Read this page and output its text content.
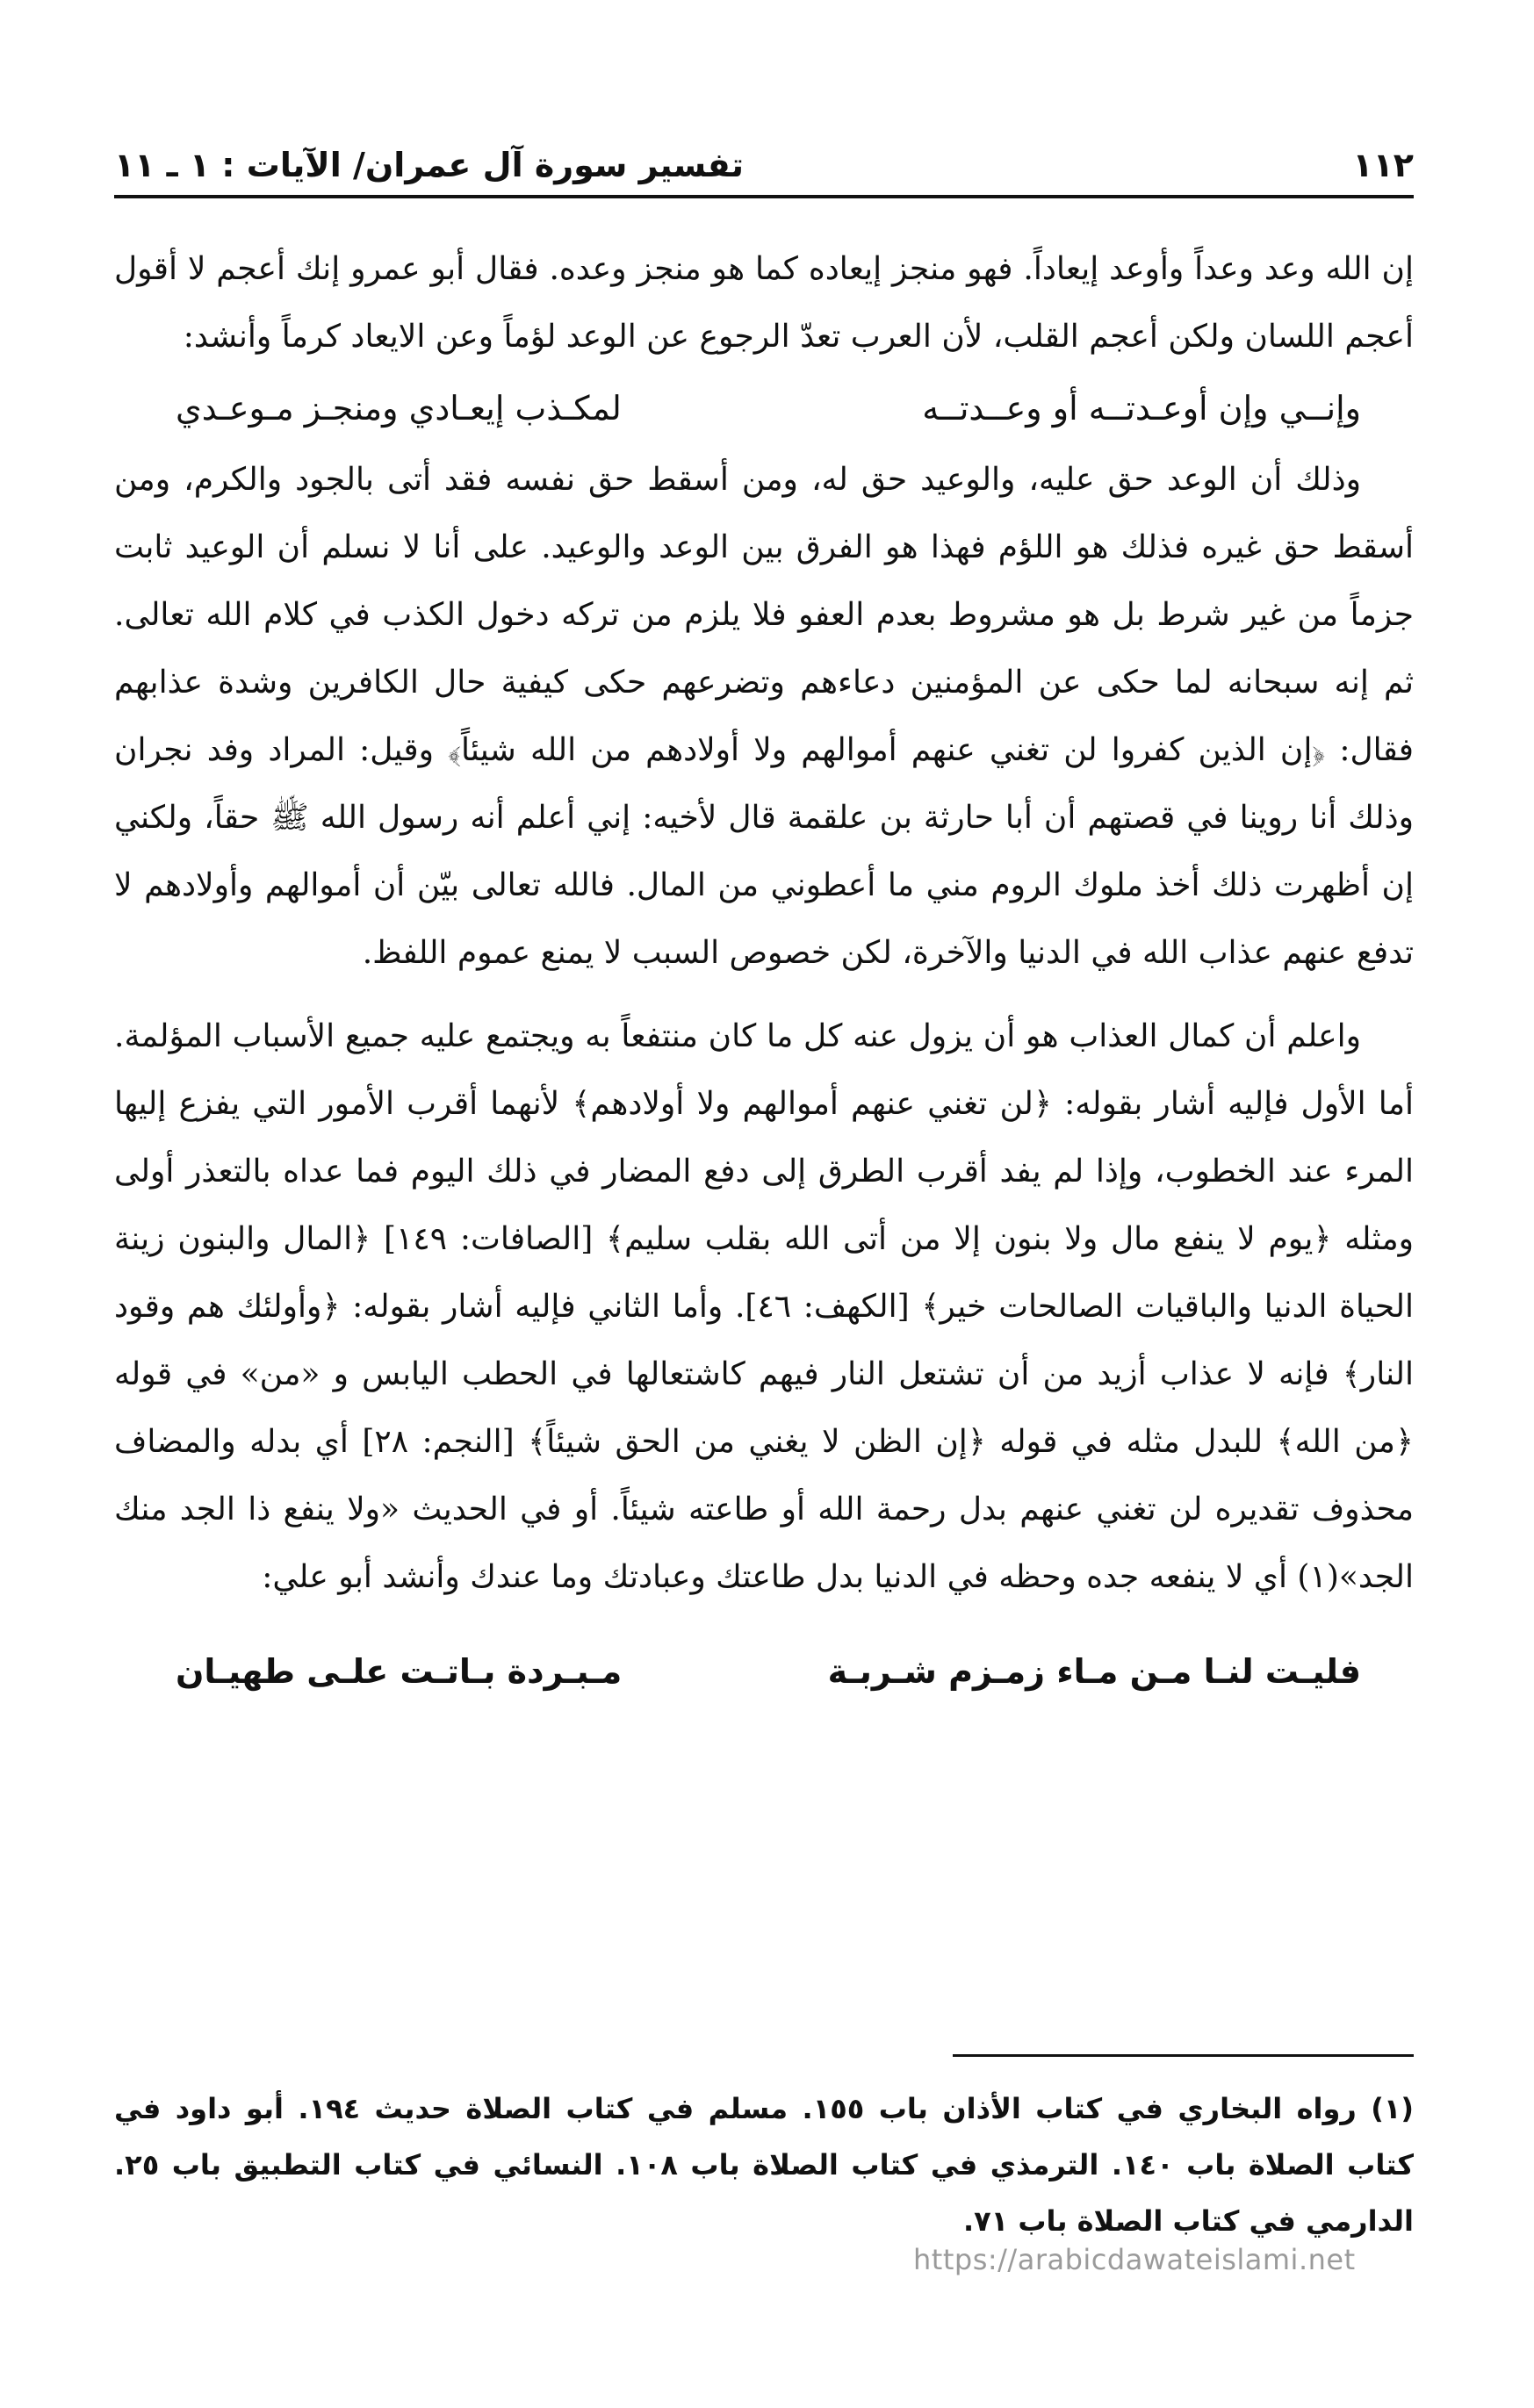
١١٢
تفسير سورة آل عمران/ الآيات : ١ ـ ١١

إن الله وعد وعداً وأوعد إيعاداً. فهو منجز إيعاده كما هو منجز وعده. فقال أبو عمرو إنك أعجم لا أقول أعجم اللسان ولكن أعجم القلب، لأن العرب تعدّ الرجوع عن الوعد لؤماً وعن الايعاد كرماً وأنشد:

وإنــي وإن أوعـدتــه أو وعــدتــه
لمكـذب إيعـادي ومنجـز مـوعـدي

وذلك أن الوعد حق عليه، والوعيد حق له، ومن أسقط حق نفسه فقد أتى بالجود والكرم، ومن أسقط حق غيره فذلك هو اللؤم فهذا هو الفرق بين الوعد والوعيد. على أنا لا نسلم أن الوعيد ثابت جزماً من غير شرط بل هو مشروط بعدم العفو فلا يلزم من تركه دخول الكذب في كلام الله تعالى. ثم إنه سبحانه لما حكى عن المؤمنين دعاءهم وتضرعهم حكى كيفية حال الكافرين وشدة عذابهم فقال: ﴿إن الذين كفروا لن تغني عنهم أموالهم ولا أولادهم من الله شيئاً﴾ وقيل: المراد وفد نجران وذلك أنا روينا في قصتهم أن أبا حارثة بن علقمة قال لأخيه: إني أعلم أنه رسول الله ﷺ حقاً، ولكني إن أظهرت ذلك أخذ ملوك الروم مني ما أعطوني من المال. فالله تعالى بيّن أن أموالهم وأولادهم لا تدفع عنهم عذاب الله في الدنيا والآخرة، لكن خصوص السبب لا يمنع عموم اللفظ.

واعلم أن كمال العذاب هو أن يزول عنه كل ما كان منتفعاً به ويجتمع عليه جميع الأسباب المؤلمة. أما الأول فإليه أشار بقوله: ﴿لن تغني عنهم أموالهم ولا أولادهم﴾ لأنهما أقرب الأمور التي يفزع إليها المرء عند الخطوب، وإذا لم يفد أقرب الطرق إلى دفع المضار في ذلك اليوم فما عداه بالتعذر أولى ومثله ﴿يوم لا ينفع مال ولا بنون إلا من أتى الله بقلب سليم﴾ [الصافات: ١٤٩] ﴿المال والبنون زينة الحياة الدنيا والباقيات الصالحات خير﴾ [الكهف: ٤٦]. وأما الثاني فإليه أشار بقوله: ﴿وأولئك هم وقود النار﴾ فإنه لا عذاب أزيد من أن تشتعل النار فيهم كاشتعالها في الحطب اليابس و «من» في قوله ﴿من الله﴾ للبدل مثله في قوله ﴿إن الظن لا يغني من الحق شيئاً﴾ [النجم: ٢٨] أي بدله والمضاف محذوف تقديره لن تغني عنهم بدل رحمة الله أو طاعته شيئاً. أو في الحديث «ولا ينفع ذا الجد منك الجد»(١) أي لا ينفعه جده وحظه في الدنيا بدل طاعتك وعبادتك وما عندك وأنشد أبو علي:

فليـت لنـا مـن مـاء زمـزم شـربـة
مـبـردة بـاتـت علـى طهيـان

(١) رواه البخاري في كتاب الأذان باب ١٥٥. مسلم في كتاب الصلاة حديث ١٩٤. أبو داود في كتاب الصلاة باب ١٤٠. الترمذي في كتاب الصلاة باب ١٠٨. النسائي في كتاب التطبيق باب ٢٥. الدارمي في كتاب الصلاة باب ٧١.

https://arabicdawateislami.net
